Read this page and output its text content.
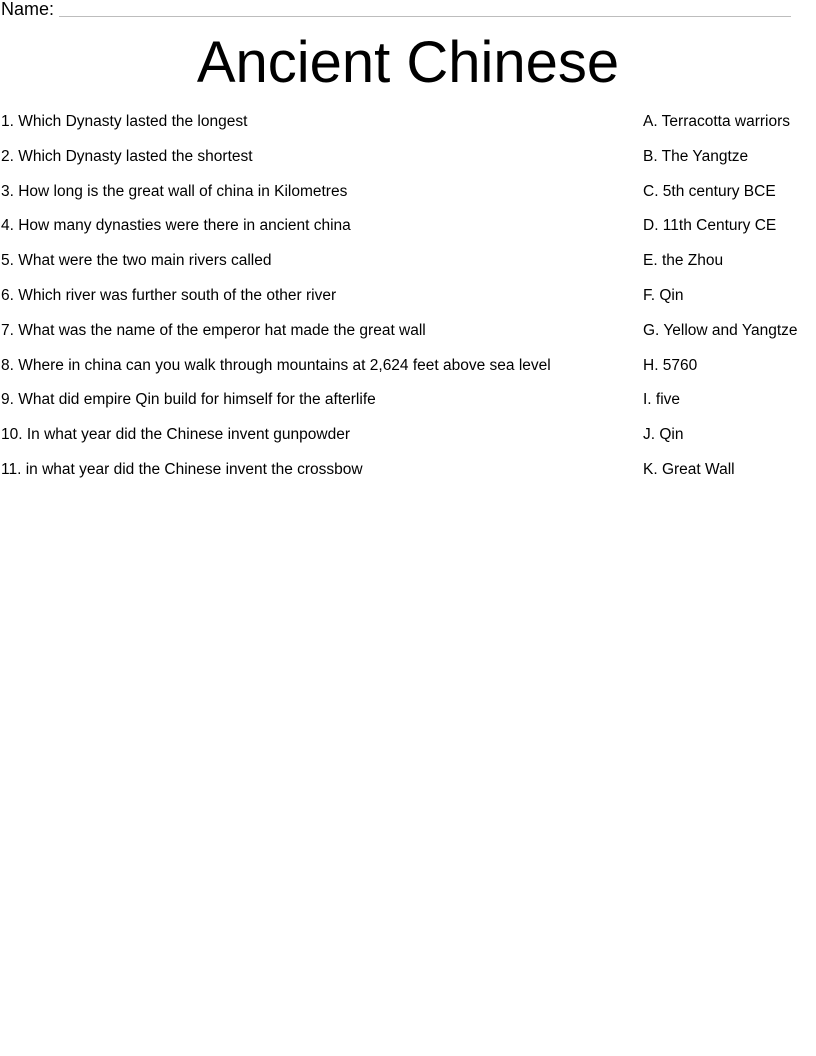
Name:
Ancient Chinese
1. Which Dynasty lasted the longest
2. Which Dynasty lasted the shortest
3. How long is the great wall of china in Kilometres
4. How many dynasties were there in ancient china
5. What were the two main rivers called
6. Which river was further south of the other river
7. What was the name of the emperor hat made the great wall
8. Where in china can you walk through mountains at 2,624 feet above sea level
9. What did empire Qin build for himself for the afterlife
10. In what year did the Chinese invent gunpowder
11. in what year did the Chinese invent the crossbow
A. Terracotta warriors
B. The Yangtze
C. 5th century BCE
D. 11th Century CE
E. the Zhou
F. Qin
G. Yellow and Yangtze
H. 5760
I. five
J. Qin
K. Great Wall
